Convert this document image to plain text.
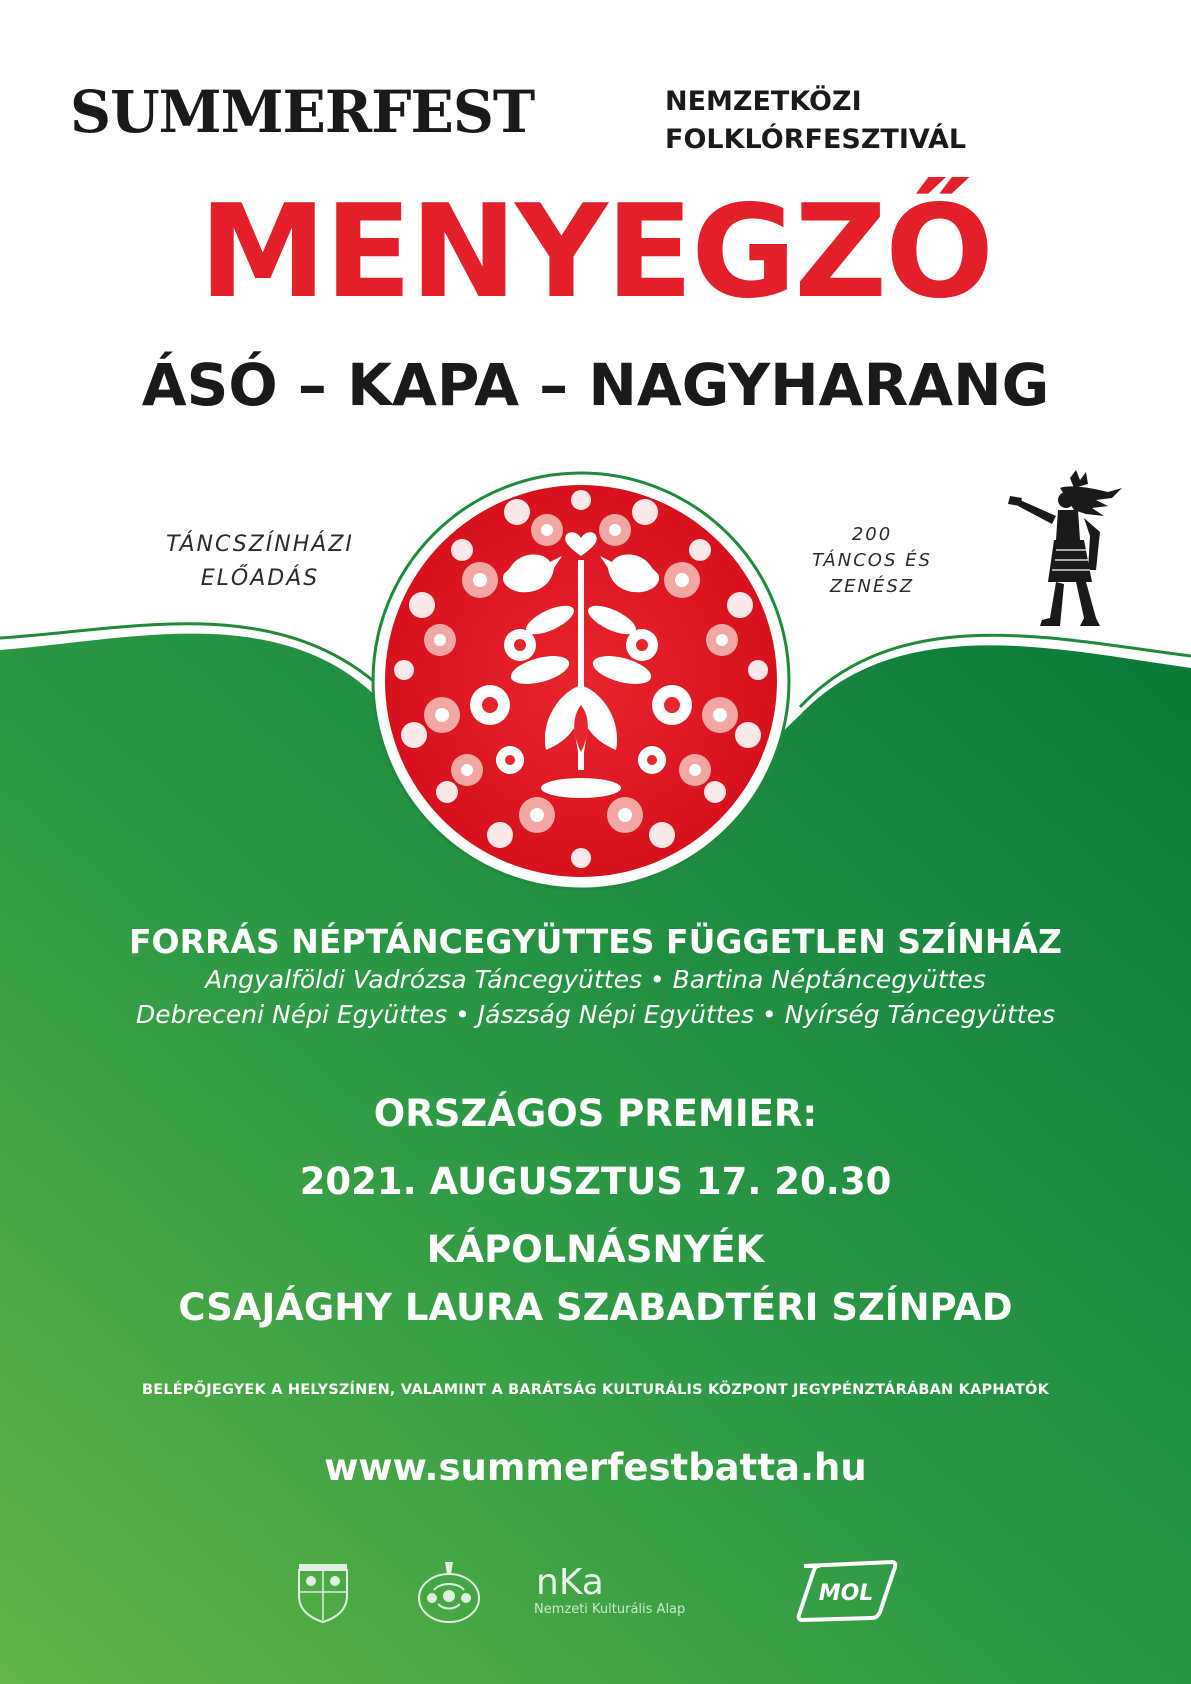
SUMMERFEST	NEMZETKÖZI
FOLKLÓRFESZTIVÁL
MENYEGZŐ
ÁSÓ – KAPA – NAGYHARANG
TÁNCSZÍNHÁZI
ELŐADÁS
200
TÁNCOS ÉS
ZENÉSZ
FORRÁS NÉPTÁNCEGYÜTTES FÜGGETLEN SZÍNHÁZ
Angyalföldi Vadrózsa Táncegyüttes • Bartina Néptáncegyüttes
Debreceni Népi Együttes • Jászság Népi Együttes • Nyírség Táncegyüttes
ORSZÁGOS PREMIER:
2021. AUGUSZTUS 17. 20.30
KÁPOLNÁSNYÉK
CSAJÁGHY LAURA SZABADTÉRI SZÍNPAD
BELÉPŐJEGYEK A HELYSZÍNEN, VALAMINT A BARÁTSÁG KULTURÁLIS KÖZPONT JEGYPÉNZTÁRÁBAN KAPHATÓK
www.summerfestbatta.hu
nKa
Nemzeti Kulturális Alap
MOL
